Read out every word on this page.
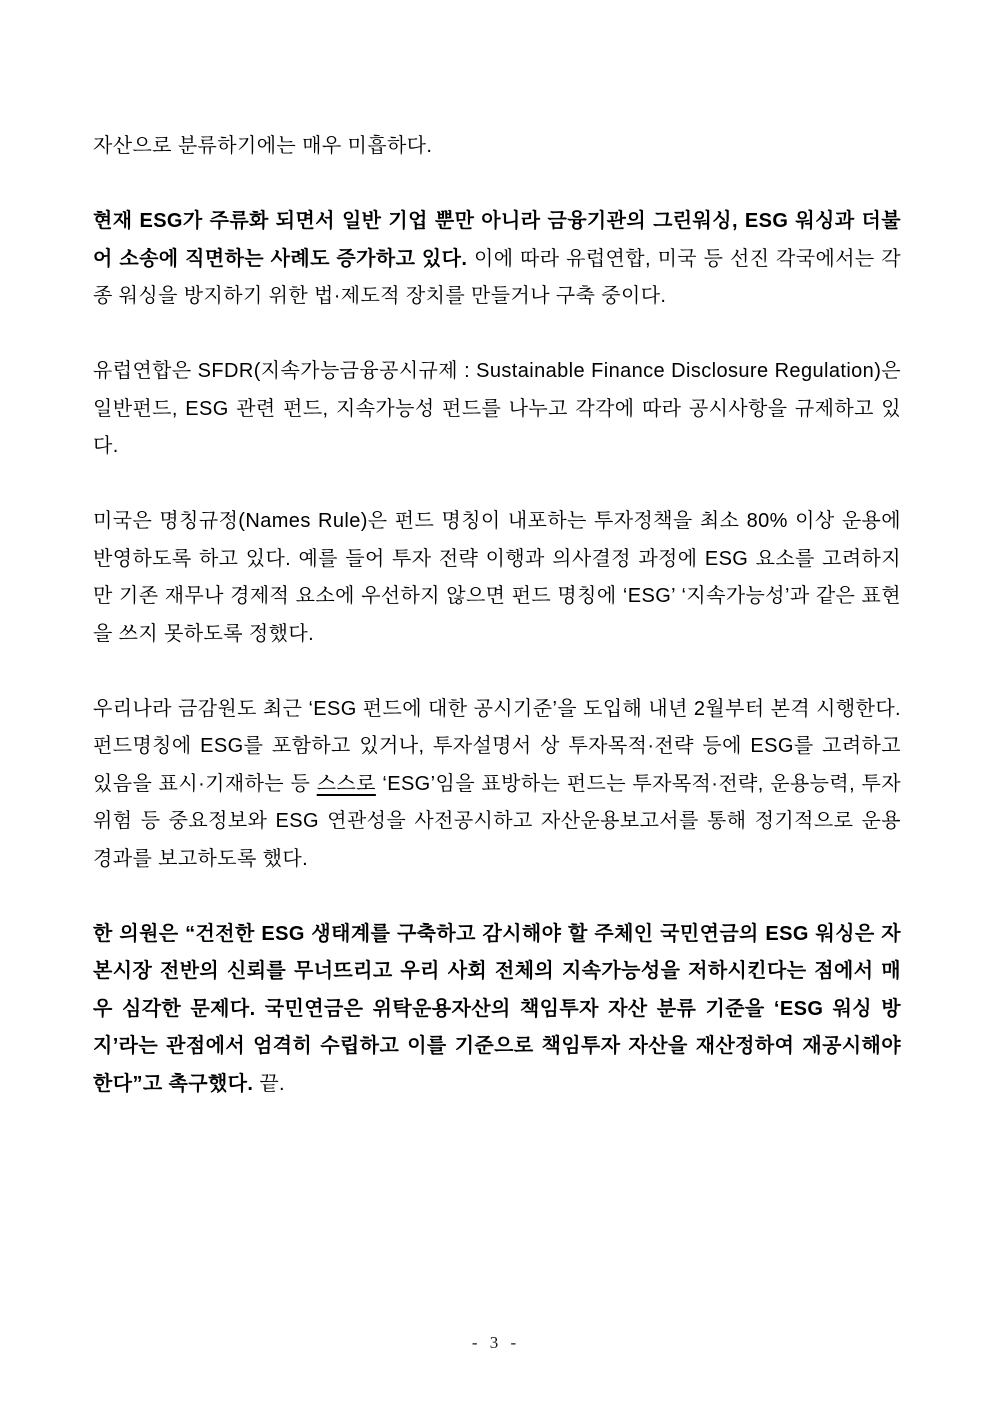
자산으로 분류하기에는 매우 미흡하다.

현재 ESG가 주류화 되면서 일반 기업 뿐만 아니라 금융기관의 그린워싱, ESG 워싱과 더불어 소송에 직면하는 사례도 증가하고 있다. 이에 따라 유럽연합, 미국 등 선진 각국에서는 각종 워싱을 방지하기 위한 법·제도적 장치를 만들거나 구축 중이다.

유럽연합은 SFDR(지속가능금융공시규제 : Sustainable Finance Disclosure Regulation)은 일반펀드, ESG 관련 펀드, 지속가능성 펀드를 나누고 각각에 따라 공시사항을 규제하고 있다.

미국은 명칭규정(Names Rule)은 펀드 명칭이 내포하는 투자정책을 최소 80% 이상 운용에 반영하도록 하고 있다. 예를 들어 투자 전략 이행과 의사결정 과정에 ESG 요소를 고려하지만 기존 재무나 경제적 요소에 우선하지 않으면 펀드 명칭에 ‘ESG’ ‘지속가능성’과 같은 표현을 쓰지 못하도록 정했다.

우리나라 금감원도 최근 ‘ESG 펀드에 대한 공시기준’을 도입해 내년 2월부터 본격 시행한다. 펀드명칭에 ESG를 포함하고 있거나, 투자설명서 상 투자목적·전략 등에 ESG를 고려하고 있음을 표시·기재하는 등 스스로 ‘ESG’임을 표방하는 펀드는 투자목적·전략, 운용능력, 투자위험 등 중요정보와 ESG 연관성을 사전공시하고 자산운용보고서를 통해 정기적으로 운용 경과를 보고하도록 했다.

한 의원은 “건전한 ESG 생태계를 구축하고 감시해야 할 주체인 국민연금의 ESG 워싱은 자본시장 전반의 신뢰를 무너뜨리고 우리 사회 전체의 지속가능성을 저하시킨다는 점에서 매우 심각한 문제다. 국민연금은 위탁운용자산의 책임투자 자산 분류 기준을 ‘ESG 워싱 방지’라는 관점에서 엄격히 수립하고 이를 기준으로 책임투자 자산을 재산정하여 재공시해야 한다”고 촉구했다. 끝.

- 3 -
